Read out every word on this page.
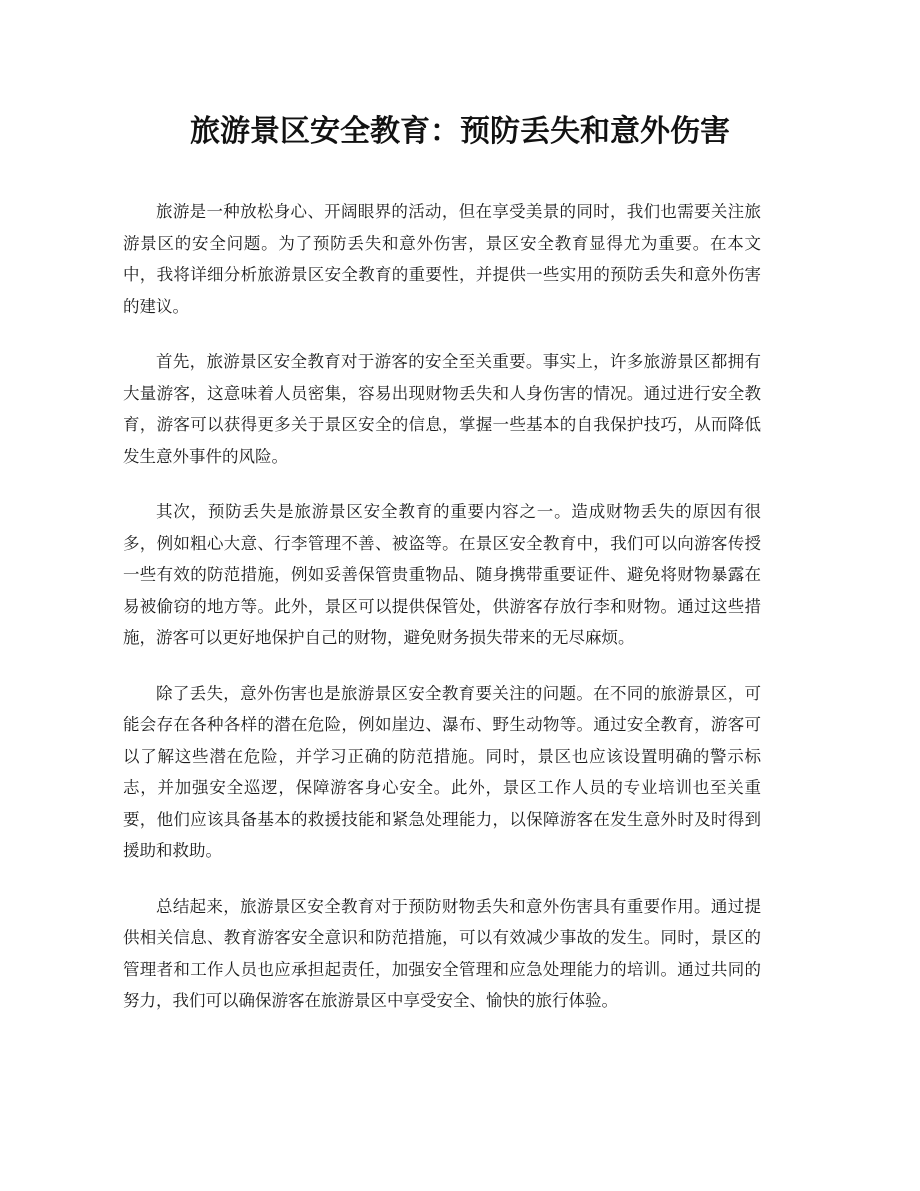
旅游景区安全教育：预防丢失和意外伤害

旅游是一种放松身心、开阔眼界的活动，但在享受美景的同时，我们也需要关注旅游景区的安全问题。为了预防丢失和意外伤害，景区安全教育显得尤为重要。在本文中，我将详细分析旅游景区安全教育的重要性，并提供一些实用的预防丢失和意外伤害的建议。

首先，旅游景区安全教育对于游客的安全至关重要。事实上，许多旅游景区都拥有大量游客，这意味着人员密集，容易出现财物丢失和人身伤害的情况。通过进行安全教育，游客可以获得更多关于景区安全的信息，掌握一些基本的自我保护技巧，从而降低发生意外事件的风险。

其次，预防丢失是旅游景区安全教育的重要内容之一。造成财物丢失的原因有很多，例如粗心大意、行李管理不善、被盗等。在景区安全教育中，我们可以向游客传授一些有效的防范措施，例如妥善保管贵重物品、随身携带重要证件、避免将财物暴露在易被偷窃的地方等。此外，景区可以提供保管处，供游客存放行李和财物。通过这些措施，游客可以更好地保护自己的财物，避免财务损失带来的无尽麻烦。

除了丢失，意外伤害也是旅游景区安全教育要关注的问题。在不同的旅游景区，可能会存在各种各样的潜在危险，例如崖边、瀑布、野生动物等。通过安全教育，游客可以了解这些潜在危险，并学习正确的防范措施。同时，景区也应该设置明确的警示标志，并加强安全巡逻，保障游客身心安全。此外，景区工作人员的专业培训也至关重要，他们应该具备基本的救援技能和紧急处理能力，以保障游客在发生意外时及时得到援助和救助。

总结起来，旅游景区安全教育对于预防财物丢失和意外伤害具有重要作用。通过提供相关信息、教育游客安全意识和防范措施，可以有效减少事故的发生。同时，景区的管理者和工作人员也应承担起责任，加强安全管理和应急处理能力的培训。通过共同的努力，我们可以确保游客在旅游景区中享受安全、愉快的旅行体验。
